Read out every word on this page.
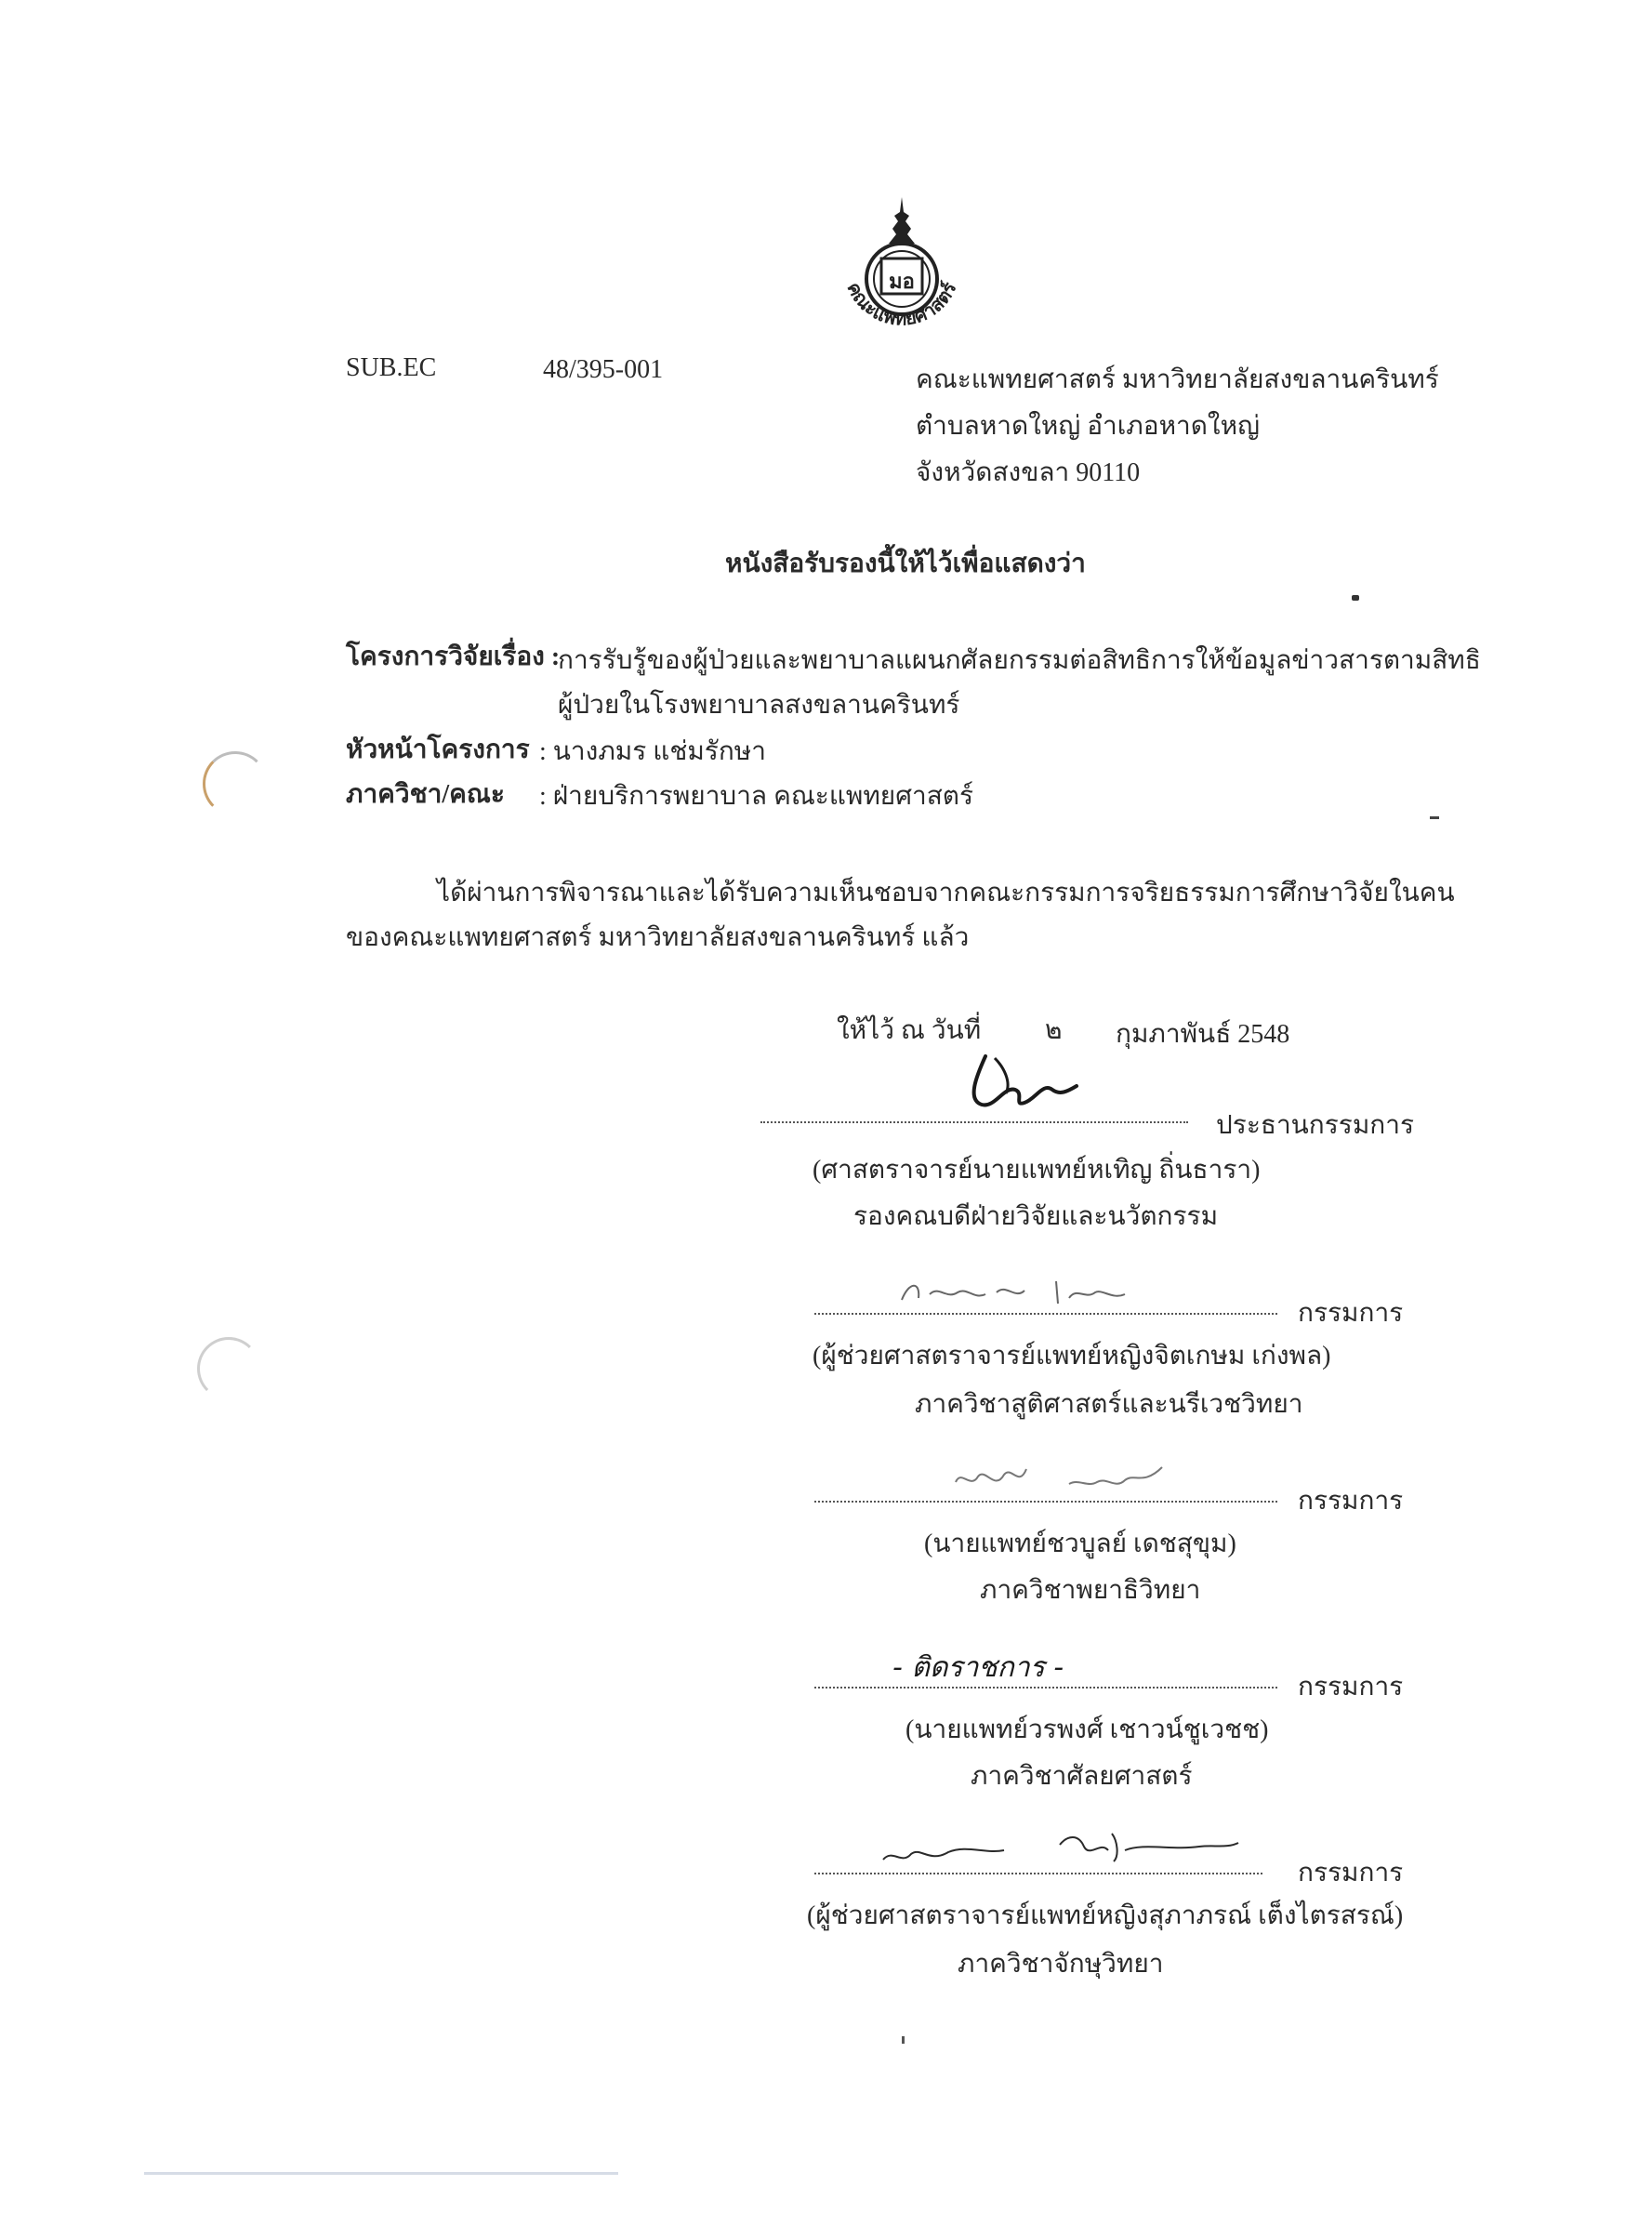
มอ
คณะแพทยศาสตร์
SUB.EC	48/395-001	คณะแพทยศาสตร์ มหาวิทยาลัยสงขลานครินทร์
ตำบลหาดใหญ่ อำเภอหาดใหญ่
จังหวัดสงขลา 90110
หนังสือรับรองนี้ให้ไว้เพื่อแสดงว่า
โครงการวิจัยเรื่อง :
การรับรู้ของผู้ป่วยและพยาบาลแผนกศัลยกรรมต่อสิทธิการให้ข้อมูลข่าวสารตามสิทธิ
ผู้ป่วยในโรงพยาบาลสงขลานครินทร์
หัวหน้าโครงการ : นางภมร แช่มรักษา
ภาควิชา/คณะ : ฝ่ายบริการพยาบาล คณะแพทยศาสตร์
ได้ผ่านการพิจารณาและได้รับความเห็นชอบจากคณะกรรมการจริยธรรมการศึกษาวิจัยในคน
ของคณะแพทยศาสตร์ มหาวิทยาลัยสงขลานครินทร์ แล้ว
ให้ไว้ ณ วันที่ ๒ กุมภาพันธ์ 2548
ประธานกรรมการ
(ศาสตราจารย์นายแพทย์หเทิญ ถิ่นธารา)
รองคณบดีฝ่ายวิจัยและนวัตกรรม
กรรมการ
(ผู้ช่วยศาสตราจารย์แพทย์หญิงจิตเกษม เก่งพล)
ภาควิชาสูติศาสตร์และนรีเวชวิทยา
กรรมการ
(นายแพทย์ชวบูลย์ เดชสุขุม)
ภาควิชาพยาธิวิทยา
- ติดราชการ -
กรรมการ
(นายแพทย์วรพงศ์ เชาวน์ชูเวชช)
ภาควิชาศัลยศาสตร์
กรรมการ
(ผู้ช่วยศาสตราจารย์แพทย์หญิงสุภาภรณ์ เต็งไตรสรณ์)
ภาควิชาจักษุวิทยา
